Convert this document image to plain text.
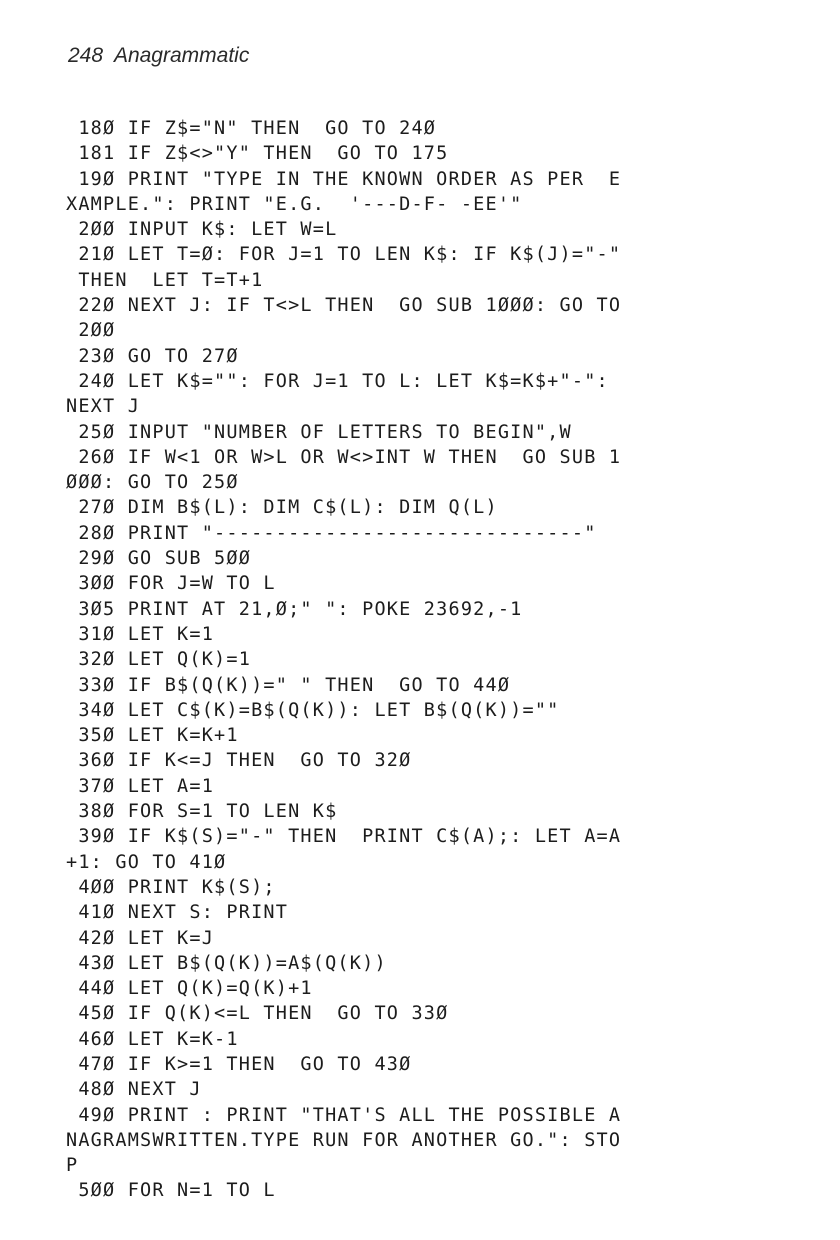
248 Anagrammatic
18Ø IF Z$="N" THEN  GO TO 24Ø
181 IF Z$<>"Y" THEN  GO TO 175
19Ø PRINT "TYPE IN THE KNOWN ORDER AS PER  E
XAMPLE.": PRINT "E.G.  '---D-F- -EE'"
2ØØ INPUT K$: LET W=L
21Ø LET T=Ø: FOR J=1 TO LEN K$: IF K$(J)="-"
THEN  LET T=T+1
22Ø NEXT J: IF T<>L THEN  GO SUB 1ØØØ: GO TO
2ØØ
23Ø GO TO 27Ø
24Ø LET K$="": FOR J=1 TO L: LET K$=K$+"-":
NEXT J
25Ø INPUT "NUMBER OF LETTERS TO BEGIN",W
26Ø IF W<1 OR W>L OR W<>INT W THEN  GO SUB 1
ØØØ: GO TO 25Ø
27Ø DIM B$(L): DIM C$(L): DIM Q(L)
28Ø PRINT "------------------------------"
29Ø GO SUB 5ØØ
3ØØ FOR J=W TO L
3Ø5 PRINT AT 21,Ø;" ": POKE 23692,-1
31Ø LET K=1
32Ø LET Q(K)=1
33Ø IF B$(Q(K))=" " THEN  GO TO 44Ø
34Ø LET C$(K)=B$(Q(K)): LET B$(Q(K))=""
35Ø LET K=K+1
36Ø IF K<=J THEN  GO TO 32Ø
37Ø LET A=1
38Ø FOR S=1 TO LEN K$
39Ø IF K$(S)="-" THEN  PRINT C$(A);: LET A=A
+1: GO TO 41Ø
4ØØ PRINT K$(S);
41Ø NEXT S: PRINT
42Ø LET K=J
43Ø LET B$(Q(K))=A$(Q(K))
44Ø LET Q(K)=Q(K)+1
45Ø IF Q(K)<=L THEN  GO TO 33Ø
46Ø LET K=K-1
47Ø IF K>=1 THEN  GO TO 43Ø
48Ø NEXT J
49Ø PRINT : PRINT "THAT'S ALL THE POSSIBLE A
NAGRAMSWRITTEN.TYPE RUN FOR ANOTHER GO.": STO
P
5ØØ FOR N=1 TO L
